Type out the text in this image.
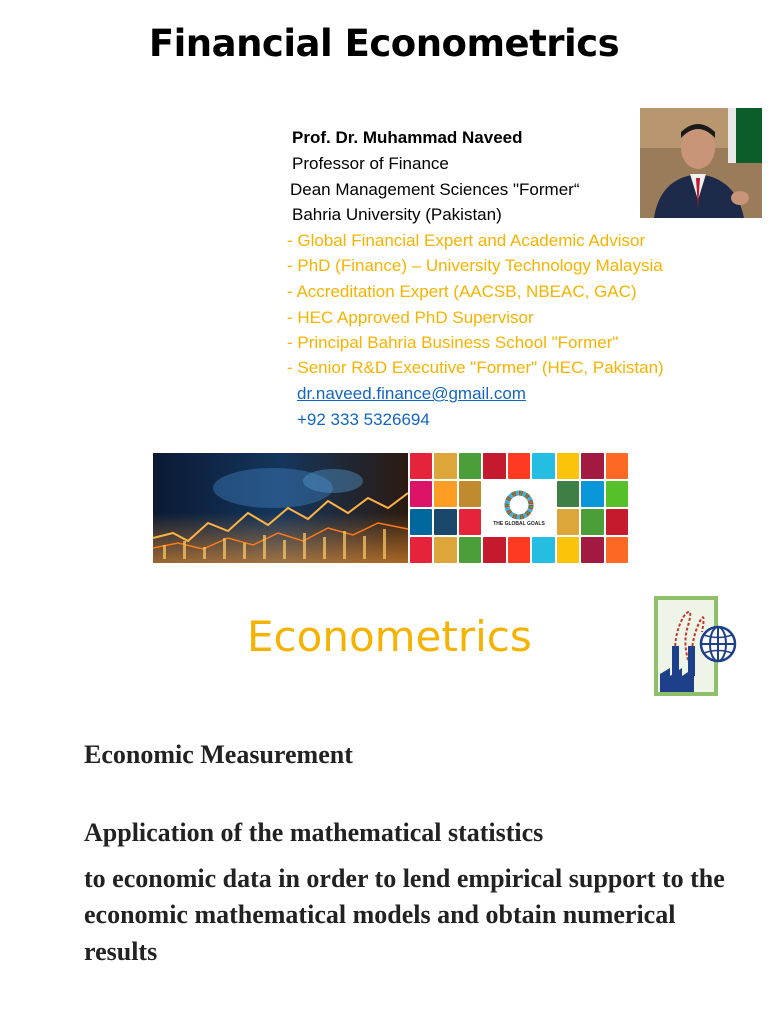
Financial Econometrics
Prof. Dr. Muhammad Naveed
Professor of Finance
Dean Management Sciences "Former“
Bahria University (Pakistan)
- Global Financial Expert and Academic Advisor
- PhD (Finance) – University Technology Malaysia
- Accreditation Expert (AACSB, NBEAC, GAC)
- HEC Approved PhD Supervisor
- Principal Bahria Business School "Former"
- Senior R&D Executive "Former" (HEC, Pakistan)
dr.naveed.finance@gmail.com
+92 333 5326694
THE GLOBAL GOALS
Econometrics
Economic Measurement
Application of the mathematical statistics
to economic data in order to lend empirical support to the
economic mathematical models and obtain numerical
results
